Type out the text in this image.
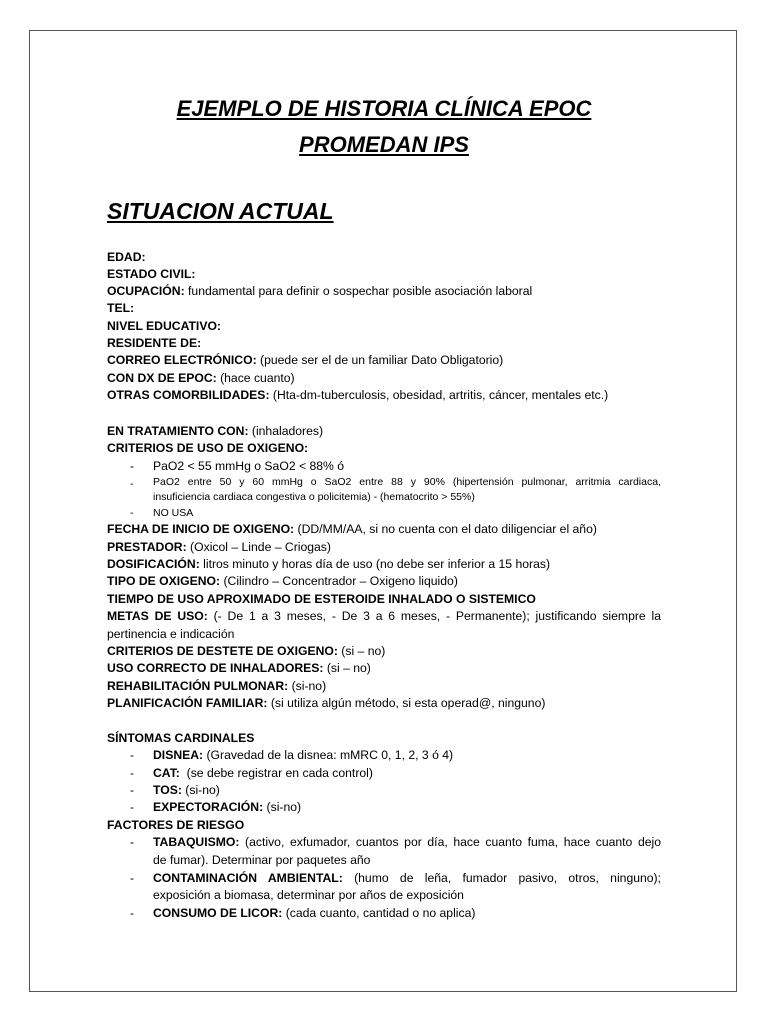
EJEMPLO DE HISTORIA CLÍNICA EPOC
PROMEDAN IPS
SITUACION ACTUAL
EDAD:
ESTADO CIVIL:
OCUPACIÓN: fundamental para definir o sospechar posible asociación laboral
TEL:
NIVEL EDUCATIVO:
RESIDENTE DE:
CORREO ELECTRÓNICO: (puede ser el de un familiar Dato Obligatorio)
CON DX DE EPOC: (hace cuanto)
OTRAS COMORBILIDADES: (Hta-dm-tuberculosis, obesidad, artritis, cáncer, mentales etc.)
EN TRATAMIENTO CON: (inhaladores)
CRITERIOS DE USO DE OXIGENO:
- PaO2 < 55 mmHg o SaO2 < 88% ó
- PaO2 entre 50 y 60 mmHg o SaO2 entre 88 y 90% (hipertensión pulmonar, arritmia cardiaca,
insuficiencia cardiaca congestiva o policitemia) - (hematocrito > 55%)
- NO USA
FECHA DE INICIO DE OXIGENO: (DD/MM/AA, si no cuenta con el dato diligenciar el año)
PRESTADOR: (Oxicol – Linde – Criogas)
DOSIFICACIÓN: litros minuto y horas día de uso (no debe ser inferior a 15 horas)
TIPO DE OXIGENO: (Cilindro – Concentrador – Oxigeno liquido)
TIEMPO DE USO APROXIMADO DE ESTEROIDE INHALADO O SISTEMICO
METAS DE USO: (- De 1 a 3 meses, - De 3 a 6 meses, - Permanente); justificando siempre la
pertinencia e indicación
CRITERIOS DE DESTETE DE OXIGENO: (si – no)
USO CORRECTO DE INHALADORES: (si – no)
REHABILITACIÓN PULMONAR: (si-no)
PLANIFICACIÓN FAMILIAR: (si utiliza algún método, si esta operad@, ninguno)
SÍNTOMAS CARDINALES
- DISNEA: (Gravedad de la disnea: mMRC 0, 1, 2, 3 ó 4)
- CAT:  (se debe registrar en cada control)
- TOS: (si-no)
- EXPECTORACIÓN: (si-no)
FACTORES DE RIESGO
- TABAQUISMO: (activo, exfumador, cuantos por día, hace cuanto fuma, hace cuanto dejo
de fumar). Determinar por paquetes año
- CONTAMINACIÓN AMBIENTAL: (humo de leña, fumador pasivo, otros, ninguno);
exposición a biomasa, determinar por años de exposición
- CONSUMO DE LICOR: (cada cuanto, cantidad o no aplica)
